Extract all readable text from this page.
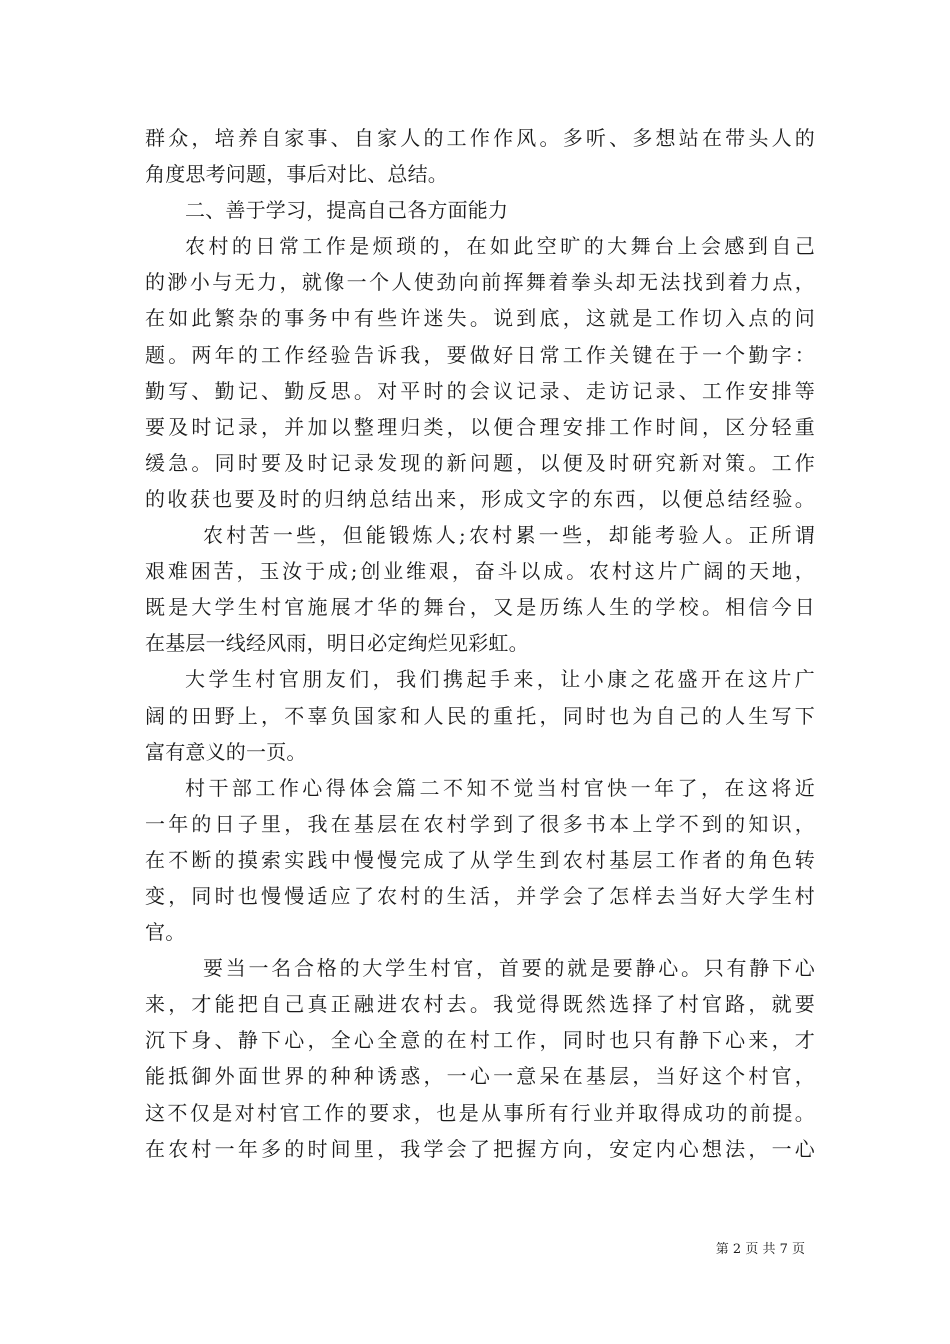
群众，培养自家事、自家人的工作作风。多听、多想站在带头人的
角度思考问题，事后对比、总结。

二、善于学习，提高自己各方面能力

农村的日常工作是烦琐的，在如此空旷的大舞台上会感到自己
的渺小与无力，就像一个人使劲向前挥舞着拳头却无法找到着力点，
在如此繁杂的事务中有些许迷失。说到底，这就是工作切入点的问
题。两年的工作经验告诉我，要做好日常工作关键在于一个勤字：
勤写、勤记、勤反思。对平时的会议记录、走访记录、工作安排等
要及时记录，并加以整理归类，以便合理安排工作时间，区分轻重
缓急。同时要及时记录发现的新问题，以便及时研究新对策。工作
的收获也要及时的归纳总结出来，形成文字的东西，以便总结经验。

农村苦一些，但能锻炼人;农村累一些，却能考验人。正所谓
艰难困苦，玉汝于成;创业维艰，奋斗以成。农村这片广阔的天地，
既是大学生村官施展才华的舞台，又是历练人生的学校。相信今日
在基层一线经风雨，明日必定绚烂见彩虹。

大学生村官朋友们，我们携起手来，让小康之花盛开在这片广
阔的田野上，不辜负国家和人民的重托，同时也为自己的人生写下
富有意义的一页。

村干部工作心得体会篇二不知不觉当村官快一年了，在这将近
一年的日子里，我在基层在农村学到了很多书本上学不到的知识，
在不断的摸索实践中慢慢完成了从学生到农村基层工作者的角色转
变，同时也慢慢适应了农村的生活，并学会了怎样去当好大学生村
官。

要当一名合格的大学生村官，首要的就是要静心。只有静下心
来，才能把自己真正融进农村去。我觉得既然选择了村官路，就要
沉下身、静下心，全心全意的在村工作，同时也只有静下心来，才
能抵御外面世界的种种诱惑，一心一意呆在基层，当好这个村官，
这不仅是对村官工作的要求，也是从事所有行业并取得成功的前提。
在农村一年多的时间里，我学会了把握方向，安定内心想法，一心

第 2 页 共 7 页
